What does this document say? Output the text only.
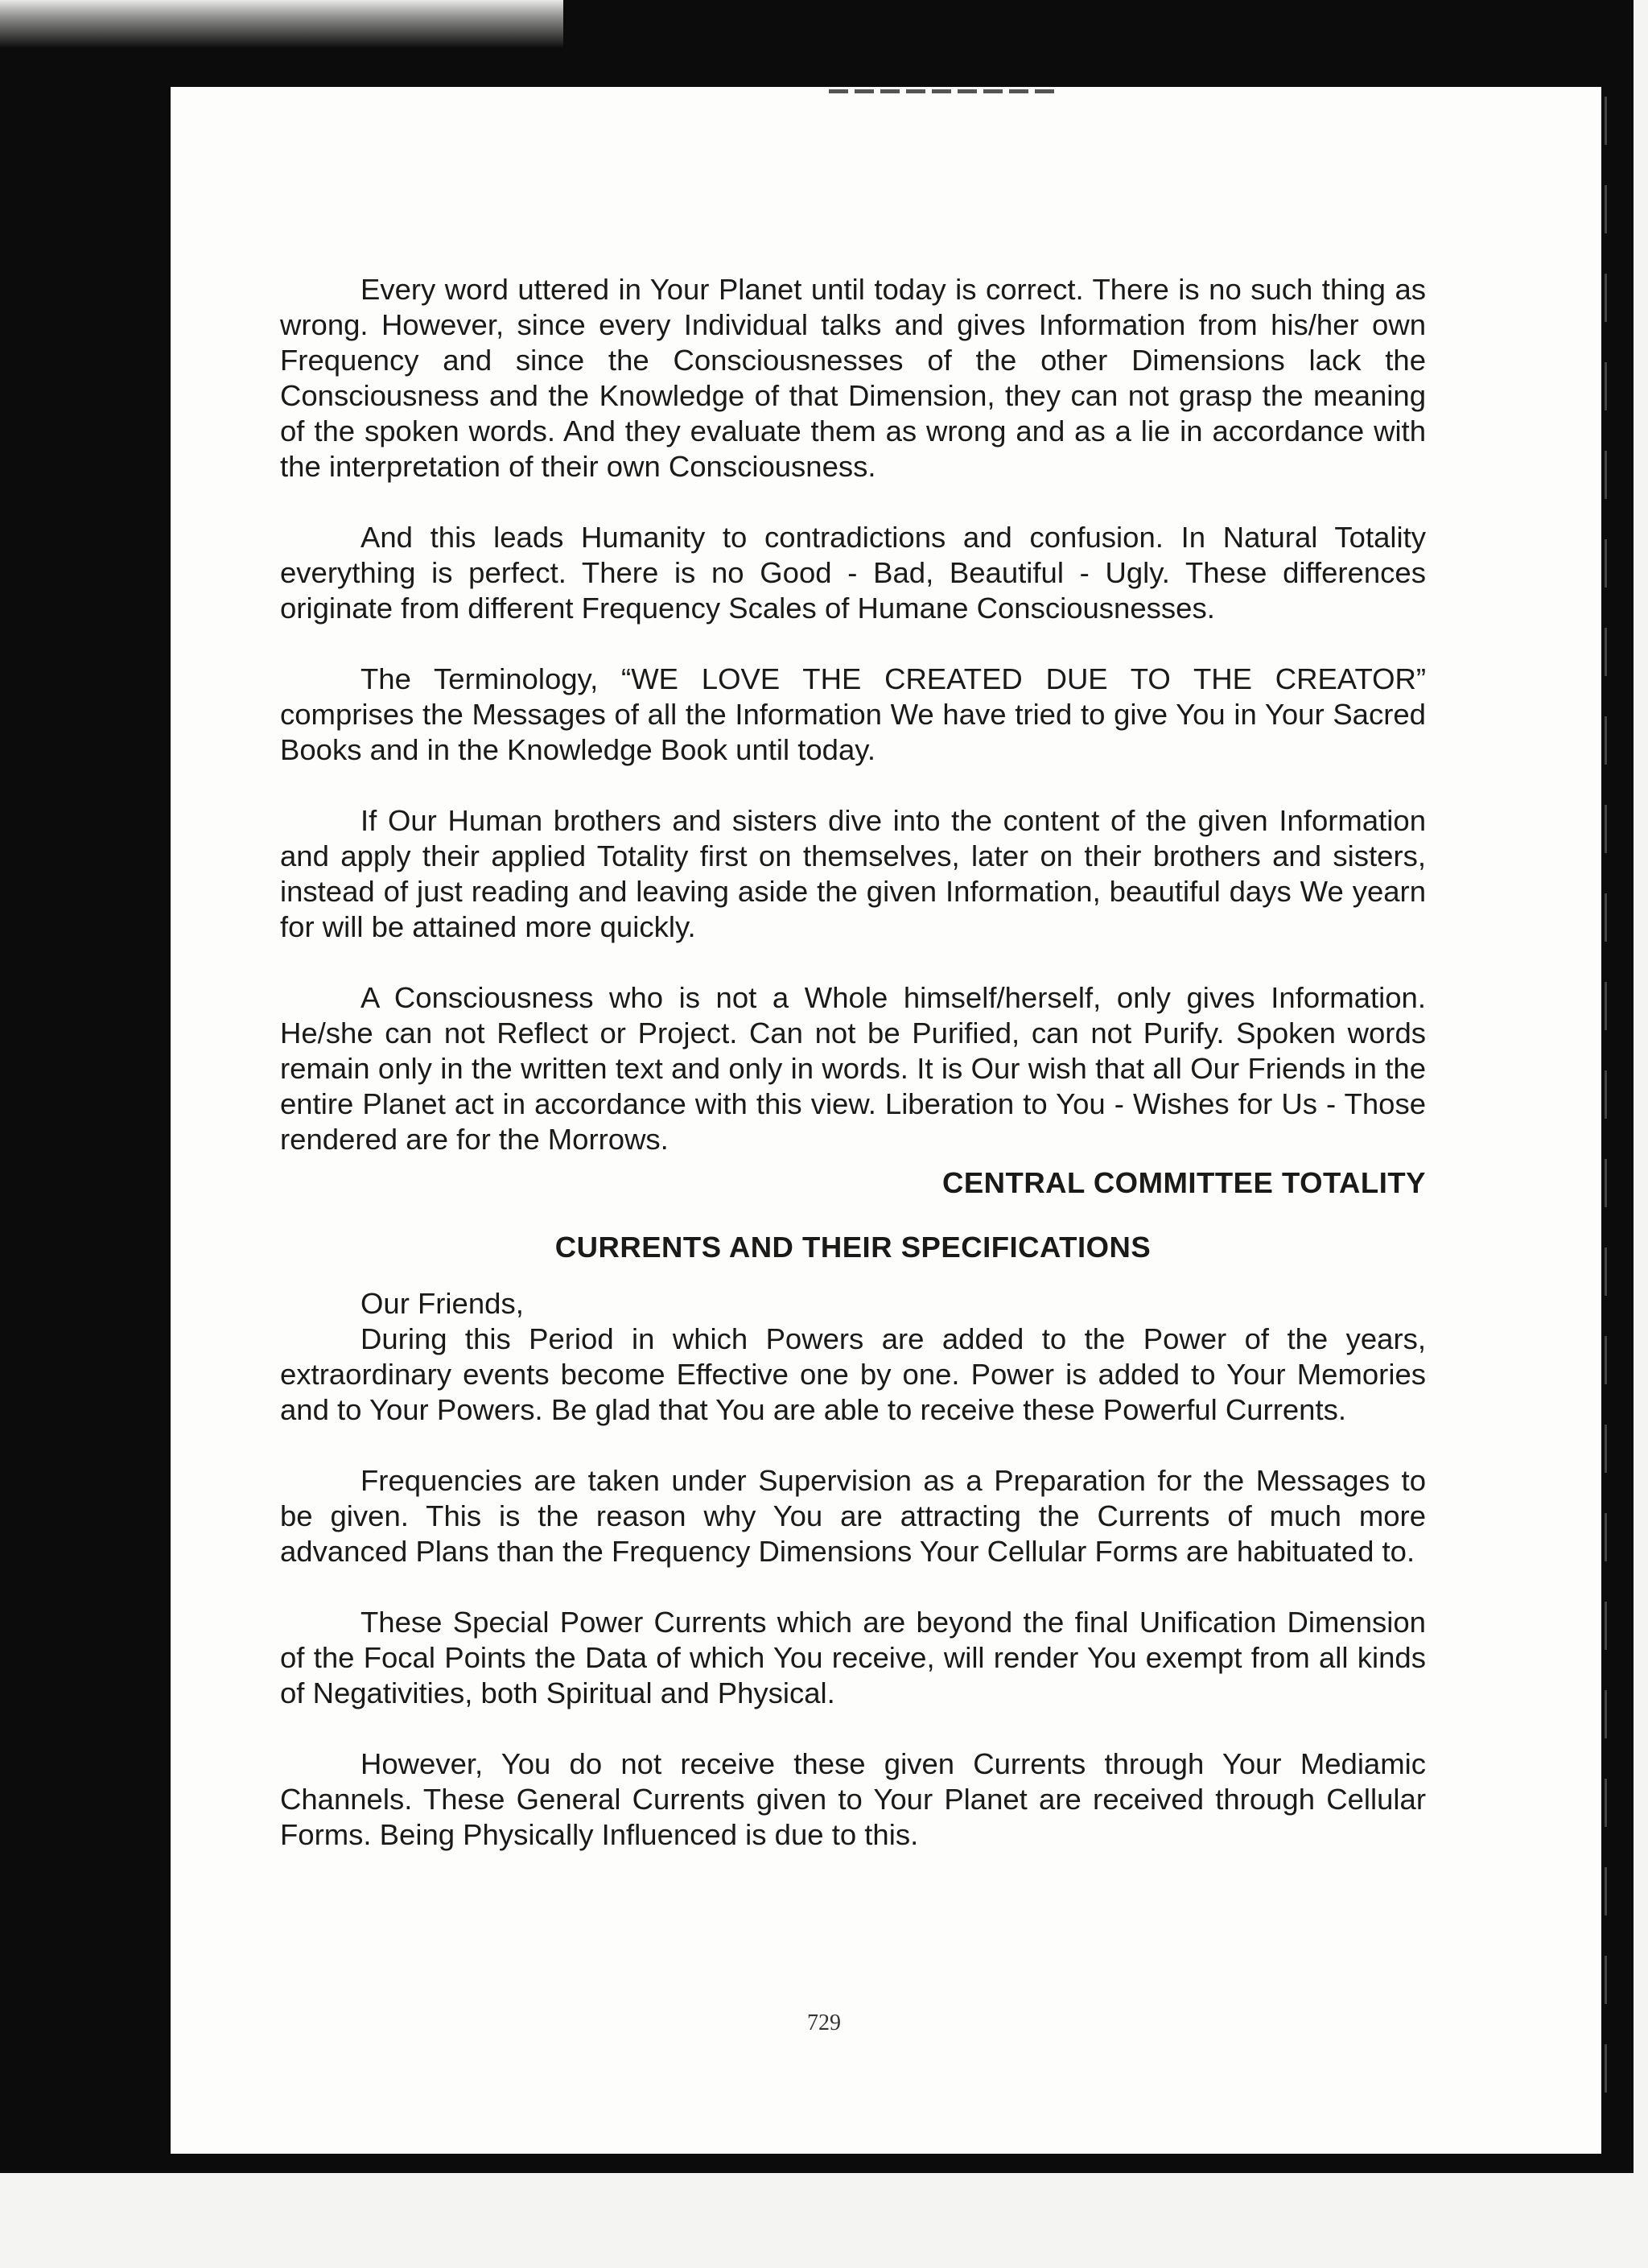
Every word uttered in Your Planet until today is correct. There is no such thing as wrong. However, since every Individual talks and gives Information from his/her own Frequency and since the Consciousnesses of the other Dimensions lack the Consciousness and the Knowledge of that Dimension, they can not grasp the meaning of the spoken words. And they evaluate them as wrong and as a lie in accordance with the interpretation of their own Consciousness.

And this leads Humanity to contradictions and confusion. In Natural Totality everything is perfect. There is no Good - Bad, Beautiful - Ugly. These differences originate from different Frequency Scales of Humane Consciousnesses.

The Terminology, “WE LOVE THE CREATED DUE TO THE CREATOR” comprises the Messages of all the Information We have tried to give You in Your Sacred Books and in the Knowledge Book until today.

If Our Human brothers and sisters dive into the content of the given Information and apply their applied Totality first on themselves, later on their brothers and sisters, instead of just reading and leaving aside the given Information, beautiful days We yearn for will be attained more quickly.

A Consciousness who is not a Whole himself/herself, only gives Information. He/she can not Reflect or Project. Can not be Purified, can not Purify. Spoken words remain only in the written text and only in words. It is Our wish that all Our Friends in the entire Planet act in accordance with this view. Liberation to You - Wishes for Us - Those rendered are for the Morrows.

CENTRAL COMMITTEE TOTALITY
CURRENTS AND THEIR SPECIFICATIONS

Our Friends,

During this Period in which Powers are added to the Power of the years, extraordinary events become Effective one by one. Power is added to Your Memories and to Your Powers. Be glad that You are able to receive these Powerful Currents.

Frequencies are taken under Supervision as a Preparation for the Messages to be given. This is the reason why You are attracting the Currents of much more advanced Plans than the Frequency Dimensions Your Cellular Forms are habituated to.

These Special Power Currents which are beyond the final Unification Dimension of the Focal Points the Data of which You receive, will render You exempt from all kinds of Negativities, both Spiritual and Physical.

However, You do not receive these given Currents through Your Mediamic Channels. These General Currents given to Your Planet are received through Cellular Forms. Being Physically Influenced is due to this.

729
